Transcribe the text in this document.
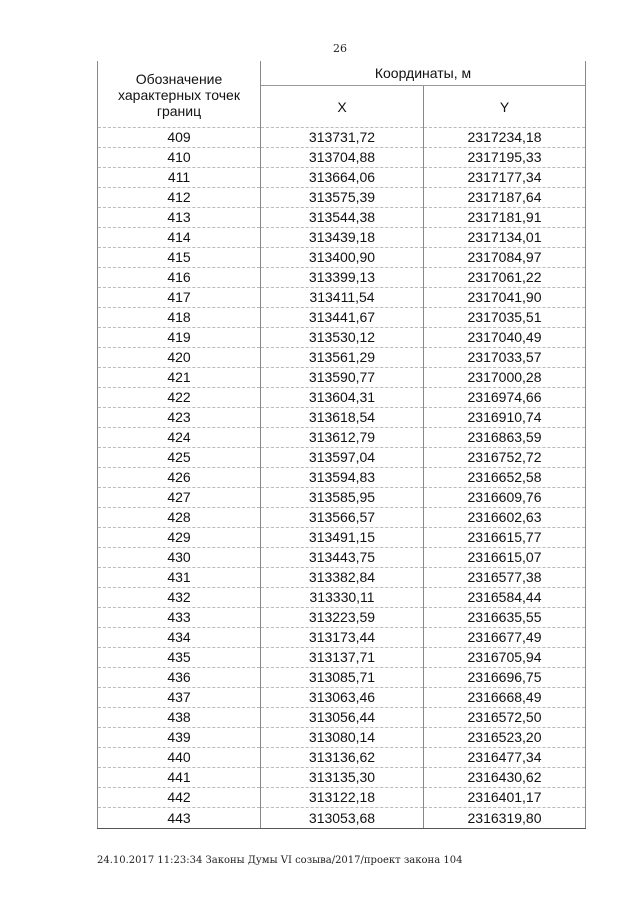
26
Обозначение
характерных точек
границ	Координаты, м	
	X	Y
409	313731,72	2317234,18
410	313704,88	2317195,33
411	313664,06	2317177,34
412	313575,39	2317187,64
413	313544,38	2317181,91
414	313439,18	2317134,01
415	313400,90	2317084,97
416	313399,13	2317061,22
417	313411,54	2317041,90
418	313441,67	2317035,51
419	313530,12	2317040,49
420	313561,29	2317033,57
421	313590,77	2317000,28
422	313604,31	2316974,66
423	313618,54	2316910,74
424	313612,79	2316863,59
425	313597,04	2316752,72
426	313594,83	2316652,58
427	313585,95	2316609,76
428	313566,57	2316602,63
429	313491,15	2316615,77
430	313443,75	2316615,07
431	313382,84	2316577,38
432	313330,11	2316584,44
433	313223,59	2316635,55
434	313173,44	2316677,49
435	313137,71	2316705,94
436	313085,71	2316696,75
437	313063,46	2316668,49
438	313056,44	2316572,50
439	313080,14	2316523,20
440	313136,62	2316477,34
441	313135,30	2316430,62
442	313122,18	2316401,17
443	313053,68	2316319,80
24.10.2017 11:23:34 Законы Думы VI созыва/2017/проект закона 104
